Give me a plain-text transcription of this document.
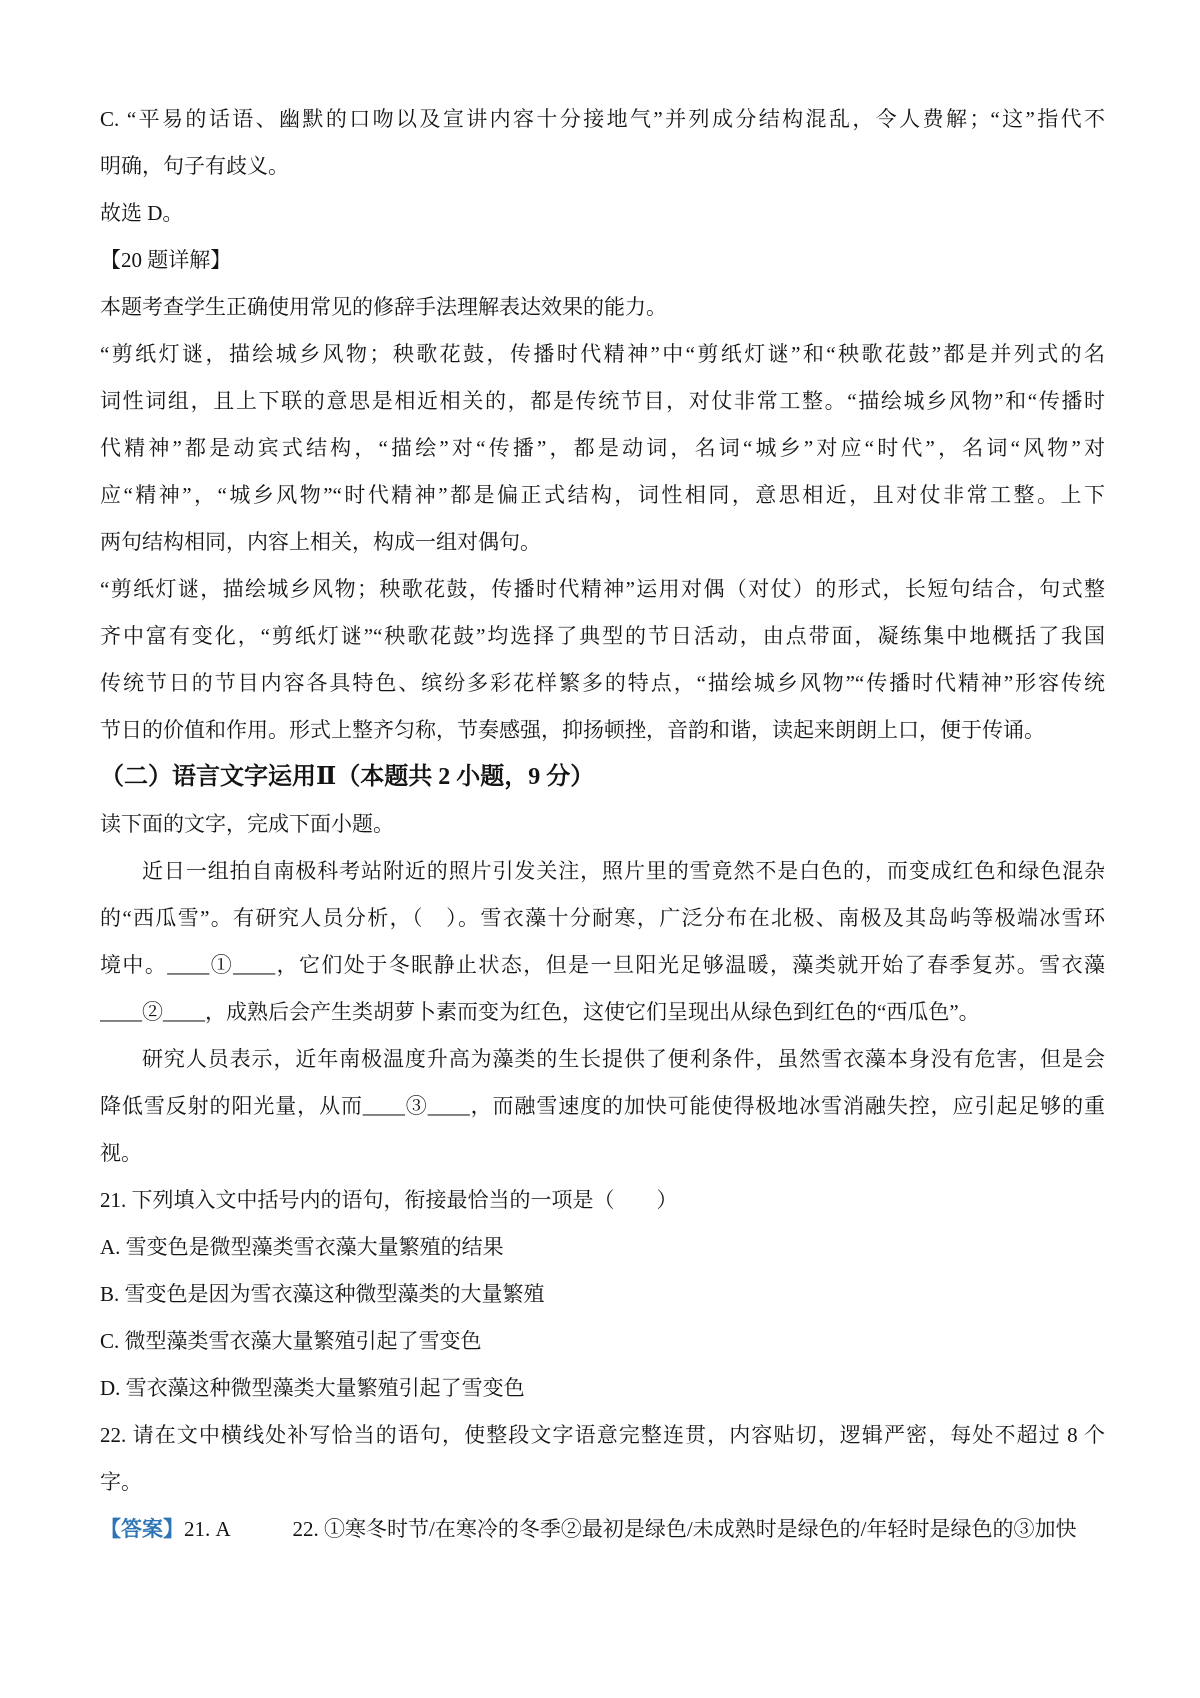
C. “平易的话语、幽默的口吻以及宣讲内容十分接地气”并列成分结构混乱，令人费解；“这”指代不
明确，句子有歧义。
故选 D。
【20 题详解】
本题考查学生正确使用常见的修辞手法理解表达效果的能力。
“剪纸灯谜，描绘城乡风物；秧歌花鼓，传播时代精神”中“剪纸灯谜”和“秧歌花鼓”都是并列式的名
词性词组，且上下联的意思是相近相关的，都是传统节目，对仗非常工整。“描绘城乡风物”和“传播时
代精神”都是动宾式结构，“描绘”对“传播”，都是动词，名词“城乡”对应“时代”，名词“风物”对
应“精神”，“城乡风物”“时代精神”都是偏正式结构，词性相同，意思相近，且对仗非常工整。上下
两句结构相同，内容上相关，构成一组对偶句。
“剪纸灯谜，描绘城乡风物；秧歌花鼓，传播时代精神”运用对偶（对仗）的形式，长短句结合，句式整
齐中富有变化，“剪纸灯谜”“秧歌花鼓”均选择了典型的节日活动，由点带面，凝练集中地概括了我国
传统节日的节目内容各具特色、缤纷多彩花样繁多的特点，“描绘城乡风物”“传播时代精神”形容传统
节日的价值和作用。形式上整齐匀称，节奏感强，抑扬顿挫，音韵和谐，读起来朗朗上口，便于传诵。
（二）语言文字运用Ⅱ（本题共 2 小题，9 分）
读下面的文字，完成下面小题。
近日一组拍自南极科考站附近的照片引发关注，照片里的雪竟然不是白色的，而变成红色和绿色混杂
的“西瓜雪”。有研究人员分析，（　）。雪衣藻十分耐寒，广泛分布在北极、南极及其岛屿等极端冰雪环
境中。____①____，它们处于冬眠静止状态，但是一旦阳光足够温暖，藻类就开始了春季复苏。雪衣藻
____②____，成熟后会产生类胡萝卜素而变为红色，这使它们呈现出从绿色到红色的“西瓜色”。
研究人员表示，近年南极温度升高为藻类的生长提供了便利条件，虽然雪衣藻本身没有危害，但是会
降低雪反射的阳光量，从而____③____，而融雪速度的加快可能使得极地冰雪消融失控，应引起足够的重
视。
21. 下列填入文中括号内的语句，衔接最恰当的一项是（　　）
A. 雪变色是微型藻类雪衣藻大量繁殖的结果
B. 雪变色是因为雪衣藻这种微型藻类的大量繁殖
C. 微型藻类雪衣藻大量繁殖引起了雪变色
D. 雪衣藻这种微型藻类大量繁殖引起了雪变色
22. 请在文中横线处补写恰当的语句，使整段文字语意完整连贯，内容贴切，逻辑严密，每处不超过 8 个
字。
【答案】21. A　　　22. ①寒冬时节/在寒冷的冬季②最初是绿色/未成熟时是绿色的/年轻时是绿色的③加快
